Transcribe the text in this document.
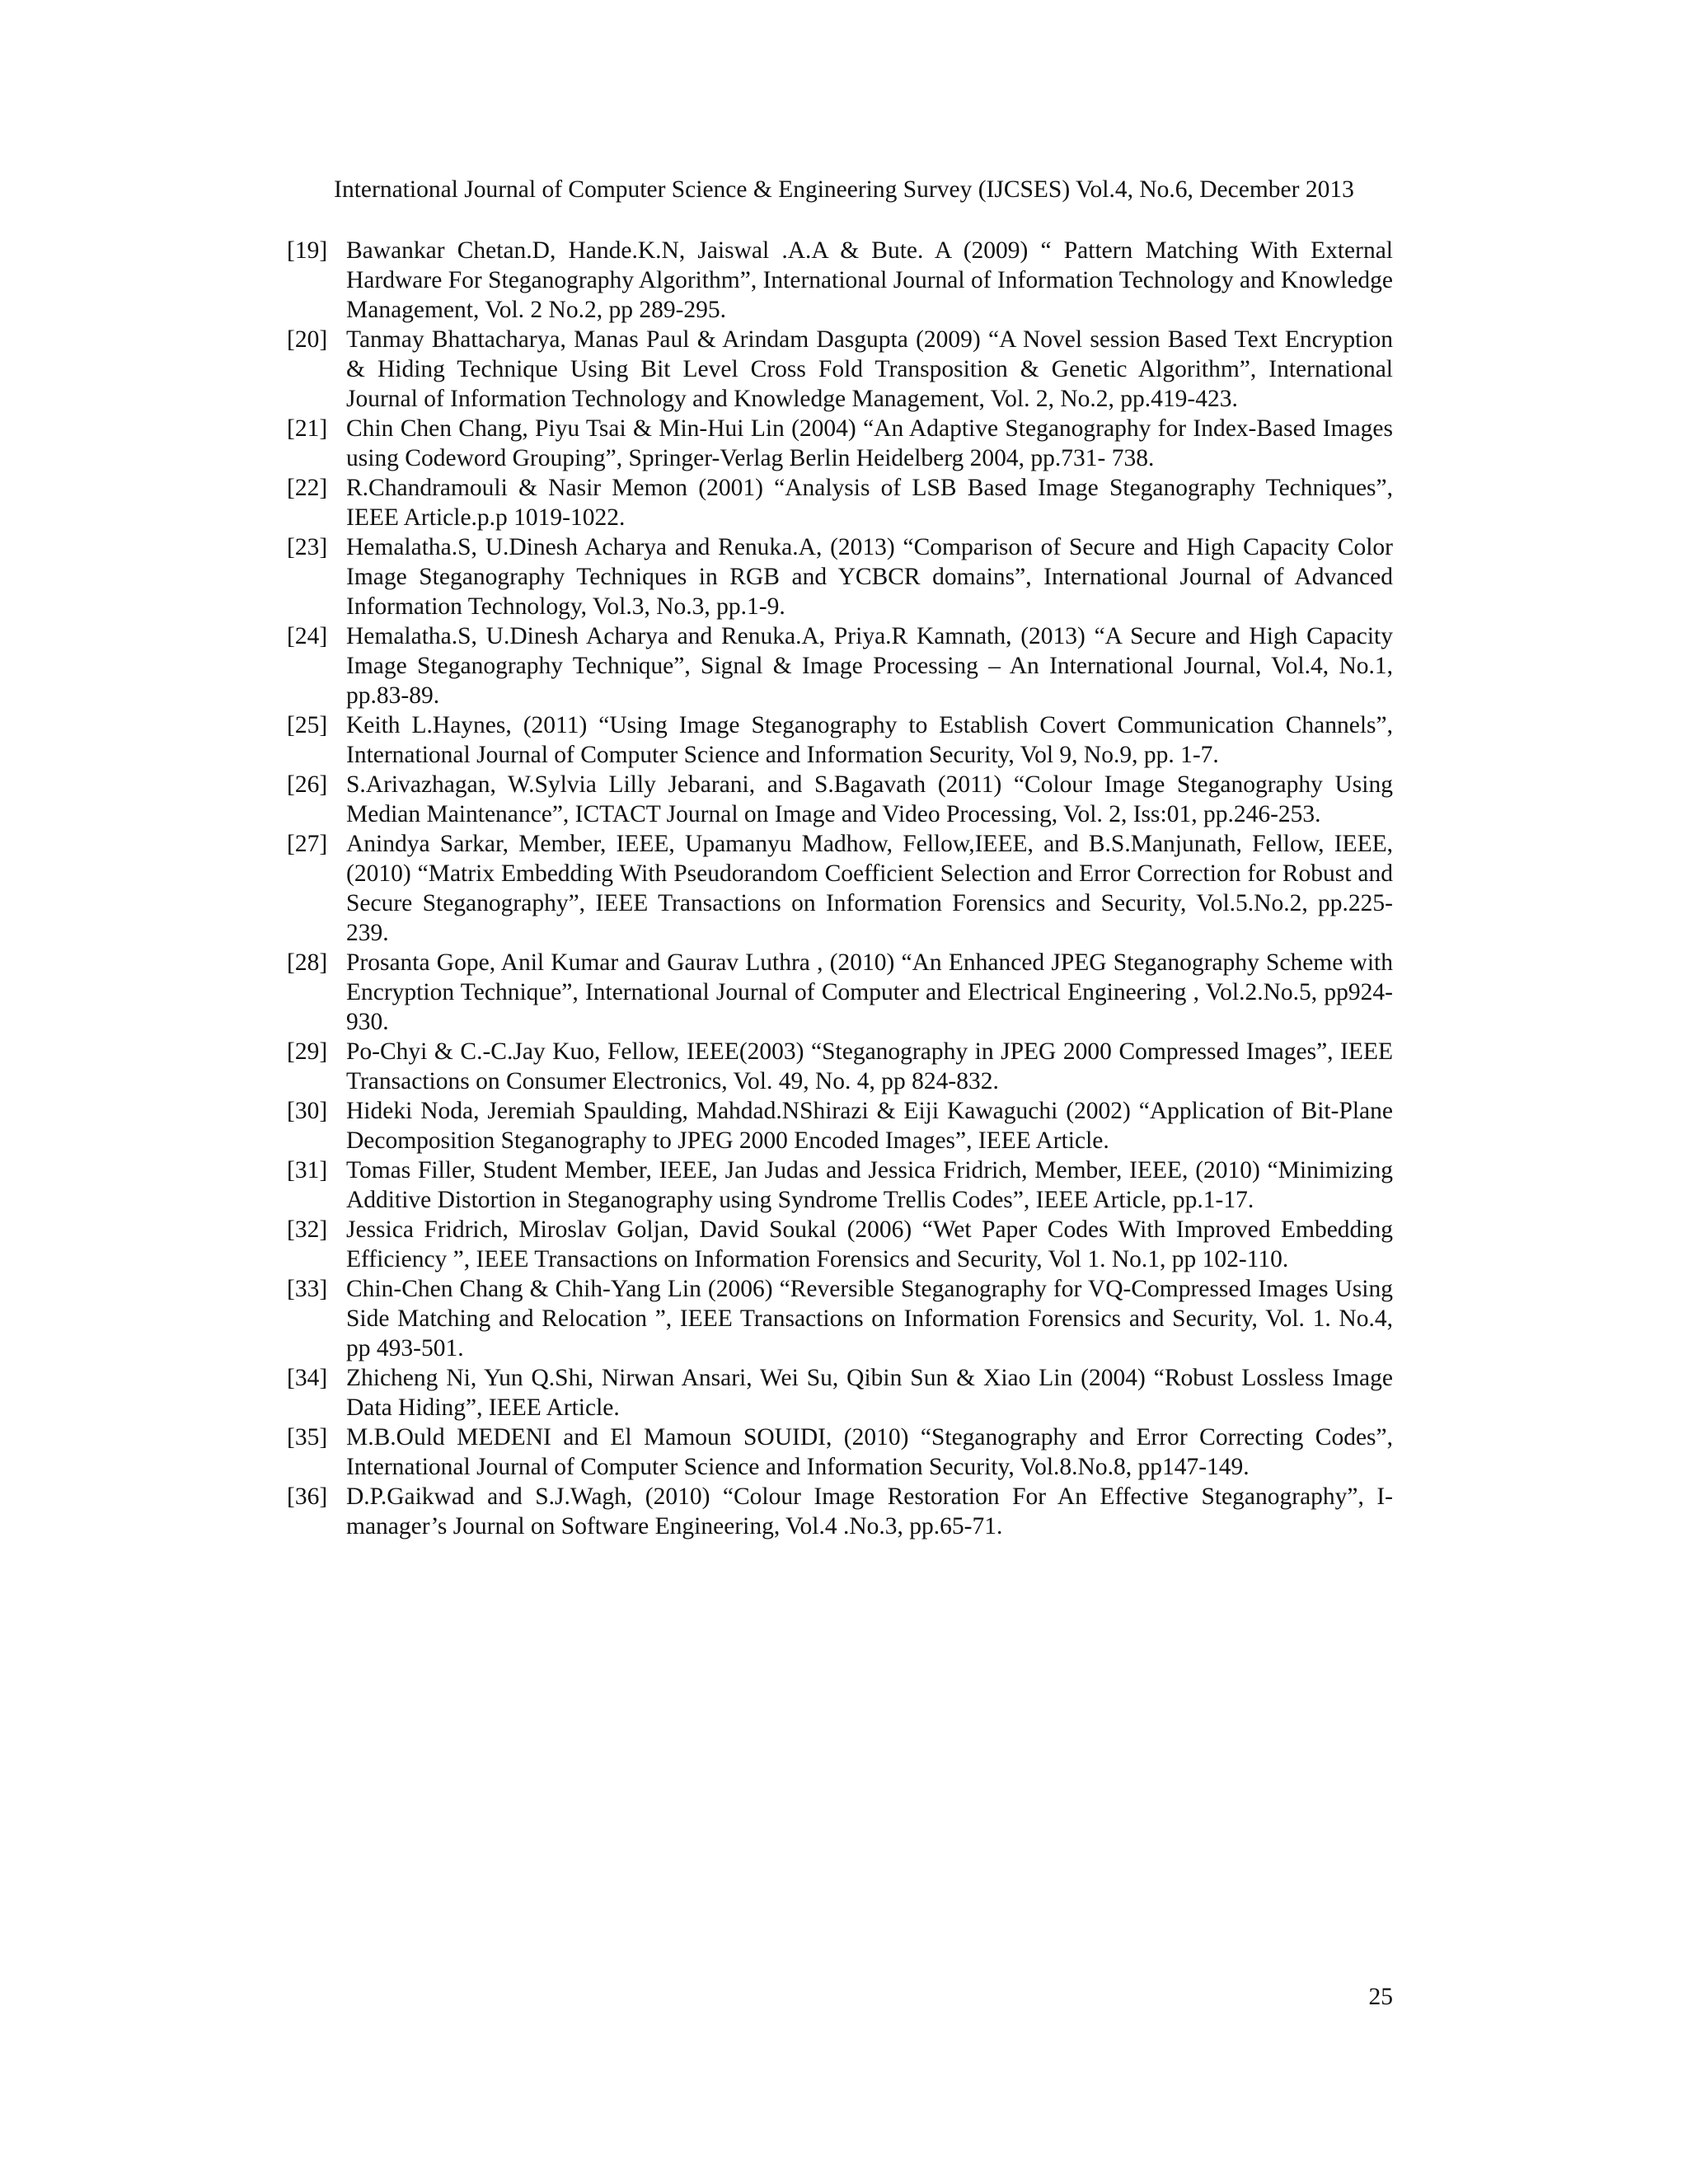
International Journal of Computer Science & Engineering Survey (IJCSES) Vol.4, No.6, December 2013
[19] Bawankar Chetan.D, Hande.K.N, Jaiswal .A.A & Bute. A (2009) “ Pattern Matching With External Hardware For Steganography Algorithm”, International Journal of Information Technology and Knowledge Management, Vol. 2 No.2, pp 289-295.
[20] Tanmay Bhattacharya, Manas Paul & Arindam Dasgupta (2009) “A Novel session Based Text Encryption & Hiding Technique Using Bit Level Cross Fold Transposition & Genetic Algorithm”, International Journal of Information Technology and Knowledge Management, Vol. 2, No.2, pp.419-423.
[21] Chin Chen Chang, Piyu Tsai & Min-Hui Lin (2004) “An Adaptive Steganography for Index-Based Images using Codeword Grouping”, Springer-Verlag Berlin Heidelberg 2004, pp.731- 738.
[22] R.Chandramouli & Nasir Memon (2001) “Analysis of LSB Based Image Steganography Techniques”, IEEE Article.p.p 1019-1022.
[23] Hemalatha.S, U.Dinesh Acharya and Renuka.A, (2013) “Comparison of Secure and High Capacity Color Image Steganography Techniques in RGB and YCBCR domains”, International Journal of Advanced Information Technology, Vol.3, No.3, pp.1-9.
[24] Hemalatha.S, U.Dinesh Acharya and Renuka.A, Priya.R Kamnath, (2013) “A Secure and High Capacity Image Steganography Technique”, Signal & Image Processing – An International Journal, Vol.4, No.1, pp.83-89.
[25] Keith L.Haynes, (2011) “Using Image Steganography to Establish Covert Communication Channels”, International Journal of Computer Science and Information Security, Vol 9, No.9, pp. 1-7.
[26] S.Arivazhagan, W.Sylvia Lilly Jebarani, and S.Bagavath (2011) “Colour Image Steganography Using Median Maintenance”, ICTACT Journal on Image and Video Processing, Vol. 2, Iss:01, pp.246-253.
[27] Anindya Sarkar, Member, IEEE, Upamanyu Madhow, Fellow,IEEE, and B.S.Manjunath, Fellow, IEEE, (2010) “Matrix Embedding With Pseudorandom Coefficient Selection and Error Correction for Robust and Secure Steganography”, IEEE Transactions on Information Forensics and Security, Vol.5.No.2, pp.225-239.
[28] Prosanta Gope, Anil Kumar and Gaurav Luthra , (2010) “An Enhanced JPEG Steganography Scheme with Encryption Technique”, International Journal of Computer and Electrical Engineering , Vol.2.No.5, pp924-930.
[29] Po-Chyi & C.-C.Jay Kuo, Fellow, IEEE(2003) “Steganography in JPEG 2000 Compressed Images”, IEEE Transactions on Consumer Electronics, Vol. 49, No. 4, pp 824-832.
[30] Hideki Noda, Jeremiah Spaulding, Mahdad.NShirazi & Eiji Kawaguchi (2002) “Application of Bit-Plane Decomposition Steganography to JPEG 2000 Encoded Images”, IEEE Article.
[31] Tomas Filler, Student Member, IEEE, Jan Judas and Jessica Fridrich, Member, IEEE, (2010) “Minimizing Additive Distortion in Steganography using Syndrome Trellis Codes”, IEEE Article, pp.1-17.
[32] Jessica Fridrich, Miroslav Goljan, David Soukal (2006) “Wet Paper Codes With Improved Embedding Efficiency ”, IEEE Transactions on Information Forensics and Security, Vol 1. No.1, pp 102-110.
[33] Chin-Chen Chang & Chih-Yang Lin (2006) “Reversible Steganography for VQ-Compressed Images Using Side Matching and Relocation ”, IEEE Transactions on Information Forensics and Security, Vol. 1. No.4, pp 493-501.
[34] Zhicheng Ni, Yun Q.Shi, Nirwan Ansari, Wei Su, Qibin Sun & Xiao Lin (2004) “Robust Lossless Image Data Hiding”, IEEE Article.
[35] M.B.Ould MEDENI and El Mamoun SOUIDI, (2010) “Steganography and Error Correcting Codes”, International Journal of Computer Science and Information Security, Vol.8.No.8, pp147-149.
[36] D.P.Gaikwad and S.J.Wagh, (2010) “Colour Image Restoration For An Effective Steganography”, I-manager’s Journal on Software Engineering, Vol.4 .No.3, pp.65-71.
25
